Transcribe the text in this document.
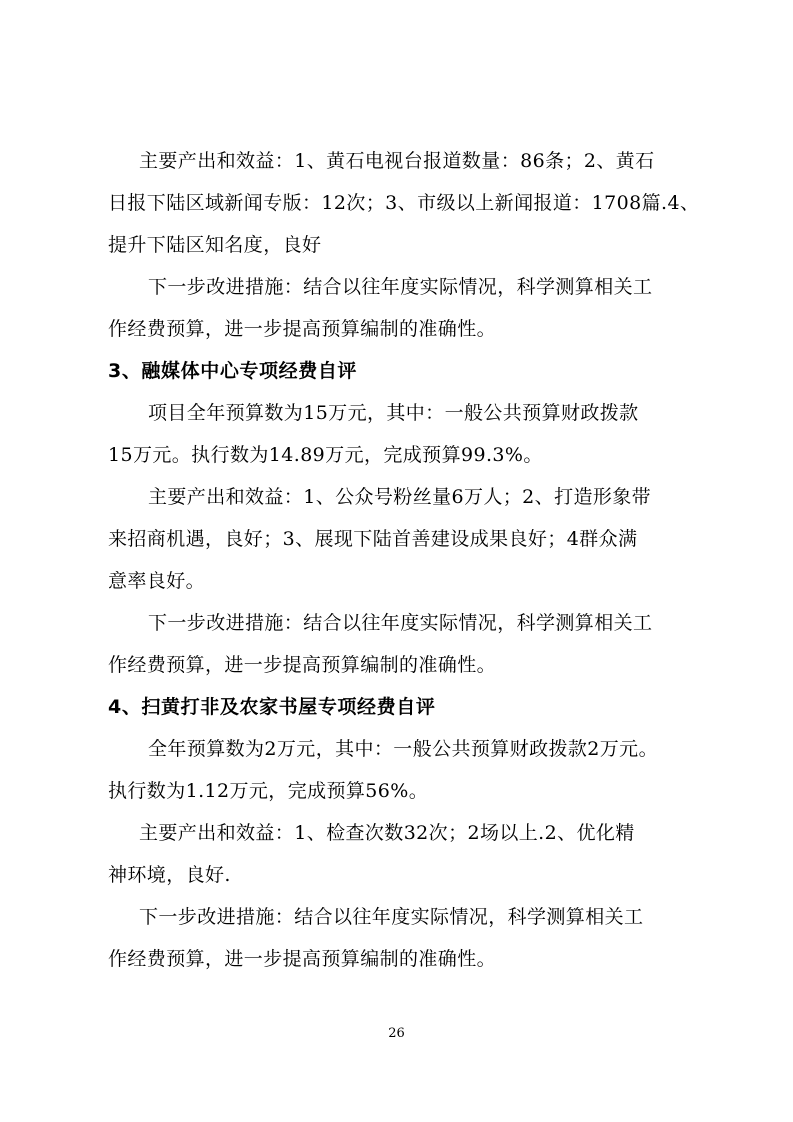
主要产出和效益：1、黄石电视台报道数量：86条；2、黄石
日报下陆区域新闻专版：12次；3、市级以上新闻报道：1708篇.4、
提升下陆区知名度，良好
下一步改进措施：结合以往年度实际情况，科学测算相关工
作经费预算，进一步提高预算编制的准确性。
3、融媒体中心专项经费自评
项目全年预算数为15万元，其中：一般公共预算财政拨款
15万元。执行数为14.89万元，完成预算99.3%。
主要产出和效益：1、公众号粉丝量6万人；2、打造形象带
来招商机遇，良好；3、展现下陆首善建设成果良好；4群众满
意率良好。
下一步改进措施：结合以往年度实际情况，科学测算相关工
作经费预算，进一步提高预算编制的准确性。
4、扫黄打非及农家书屋专项经费自评
全年预算数为2万元，其中：一般公共预算财政拨款2万元。
执行数为1.12万元，完成预算56%。
主要产出和效益：1、检查次数32次；2场以上.2、优化精
神环境，良好.
下一步改进措施：结合以往年度实际情况，科学测算相关工
作经费预算，进一步提高预算编制的准确性。
26
